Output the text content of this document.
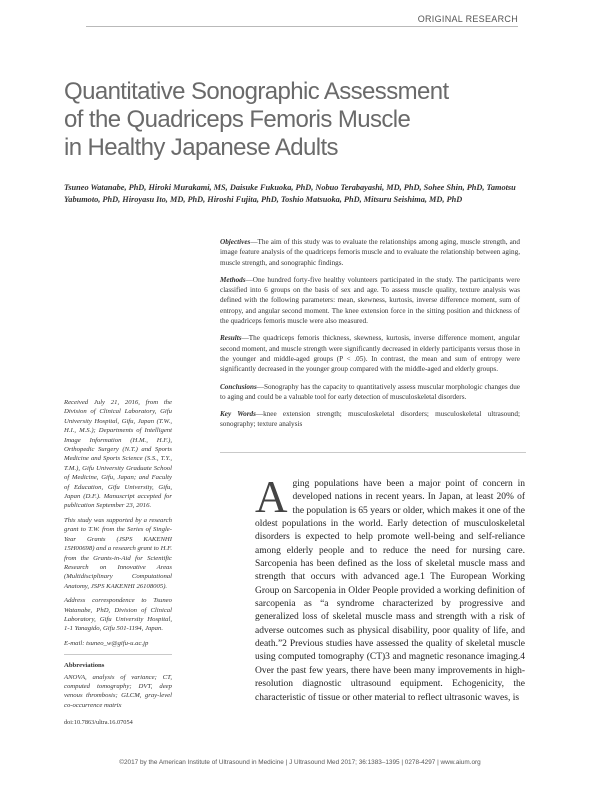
ORIGINAL RESEARCH
Quantitative Sonographic Assessment
of the Quadriceps Femoris Muscle
in Healthy Japanese Adults
Tsuneo Watanabe, PhD, Hiroki Murakami, MS, Daisuke Fukuoka, PhD, Nobuo Terabayashi, MD, PhD, Sohee Shin, PhD, Tamotsu Yabumoto, PhD, Hiroyasu Ito, MD, PhD, Hiroshi Fujita, PhD, Toshio Matsuoka, PhD, Mitsuru Seishima, MD, PhD

Objectives—The aim of this study was to evaluate the relationships among aging, muscle strength, and image feature analysis of the quadriceps femoris muscle and to evaluate the relationship between aging, muscle strength, and sonographic findings.

Methods—One hundred forty-five healthy volunteers participated in the study. The participants were classified into 6 groups on the basis of sex and age. To assess muscle quality, texture analysis was defined with the following parameters: mean, skewness, kurtosis, inverse difference moment, sum of entropy, and angular second moment. The knee extension force in the sitting position and thickness of the quadriceps femoris muscle were also measured.

Results—The quadriceps femoris thickness, skewness, kurtosis, inverse difference moment, angular second moment, and muscle strength were significantly decreased in elderly participants versus those in the younger and middle-aged groups (P < .05). In contrast, the mean and sum of entropy were significantly decreased in the younger group compared with the middle-aged and elderly groups.

Conclusions—Sonography has the capacity to quantitatively assess muscular morphologic changes due to aging and could be a valuable tool for early detection of musculoskeletal disorders.

Key Words—knee extension strength; musculoskeletal disorders; musculoskeletal ultrasound; sonography; texture analysis

Received July 21, 2016, from the Division of Clinical Laboratory, Gifu University Hospital, Gifu, Japan (T.W., H.I., M.S.); Departments of Intelligent Image Information (H.M., H.F.), Orthopedic Surgery (N.T.) and Sports Medicine and Sports Science (S.S., T.Y., T.M.), Gifu University Graduate School of Medicine, Gifu, Japan; and Faculty of Education, Gifu University, Gifu, Japan (D.F.). Manuscript accepted for publication September 23, 2016.

This study was supported by a research grant to T.W. from the Series of Single-Year Grants (JSPS KAKENHI 15H00698) and a research grant to H.F. from the Grants-in-Aid for Scientific Research on Innovative Areas (Multidisciplinary Computational Anatomy, JSPS KAKENHI 26108005).

Address correspondence to Tsuneo Watanabe, PhD, Division of Clinical Laboratory, Gifu University Hospital, 1-1 Yanagido, Gifu 501-1194, Japan.

E-mail: tsuneo_w@gifu-u.ac.jp

Abbreviations

ANOVA, analysis of variance; CT, computed tomography; DVT, deep venous thrombosis; GLCM, gray-level co-occurrence matrix

doi:10.7863/ultra.16.07054

Aging populations have been a major point of concern in developed nations in recent years. In Japan, at least 20% of the population is 65 years or older, which makes it one of the oldest populations in the world. Early detection of musculoskeletal disorders is expected to help promote well-being and self-reliance among elderly people and to reduce the need for nursing care. Sarcopenia has been defined as the loss of skeletal muscle mass and strength that occurs with advanced age.1 The European Working Group on Sarcopenia in Older People provided a working definition of sarcopenia as “a syndrome characterized by progressive and generalized loss of skeletal muscle mass and strength with a risk of adverse outcomes such as physical disability, poor quality of life, and death.”2 Previous studies have assessed the quality of skeletal muscle using computed tomography (CT)3 and magnetic resonance imaging.4 Over the past few years, there have been many improvements in high-resolution diagnostic ultrasound equipment. Echogenicity, the characteristic of tissue or other material to reflect ultrasonic waves, is
©2017 by the American Institute of Ultrasound in Medicine | J Ultrasound Med 2017; 36:1383–1395 | 0278-4297 | www.aium.org
